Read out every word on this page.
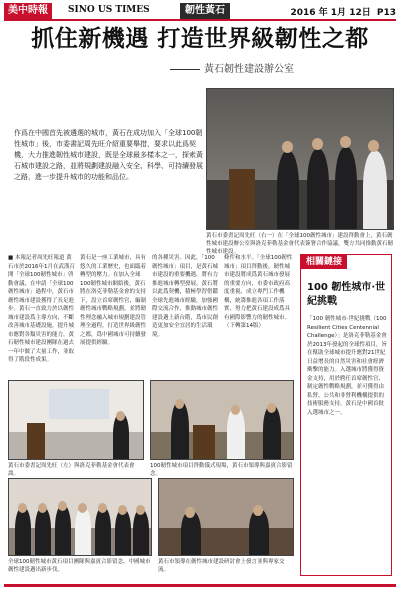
美中時報	SINO US TIMES	韌性黃石	2016 年 1月 12日 P13
抓住新機遇 打造世界級韌性之都
黃石韌性建設辦公室

作爲在中國首先被遴選的城市，黃石在成功加入「全球100韌性城市」後，市委書記周先旺介紹重要舉措，要求以此爲契機，大力推進韌性城市建設，既是全球最多樣本之一，探索黃石城市建設之路，並將規劃建設融入安全、科學、可持續發展之路，進一步提升城市的功能和品位。

黃石市委書記周先旺（右一）在「全球100韌性城市」建設啓動會上，黃石韌性城市建設辦公室與洛克菲勒基金會代表簽署合作協議，雙方共同推動黃石韌性城市建設。

■ 本報記者周先旺報道 黃石市於2016年1月在武漢召開「全球100韌性城市」啓動會議，在申請「全球100韌性城市」過程中，黃石市韌性城市建設獲得了長足進步。黃石一直致力於以韌性城市建設爲主導方向，不斷改善城市基礎設施，提升城市應對各類災害的能力。黃石韌性城市建設團隊在過去一年中做了大量工作，並取得了階段性成果。

黃石是一座工業城市，具有悠久的工業歷史，也面臨着轉型的壓力。在加入全球100韌性城市網絡後，黃石將在洛克菲勒基金會的支持下，設立首席韌性官，編制韌性城市戰略規劃，並將韌性理念融入城市規劃建設管理全過程，打造世界級韌性之都，爲中國城市可持續發展提供經驗。

的各種災害。因此，「100 韌性城市」項目，是黃石城市建設的重要機遇，將有力推進城市轉型發展。黃石將以此爲契機，積極學習借鑑全球先進城市經驗，加強國際交流合作，推動城市韌性建設邁上新台階，爲市民創造更加安全宜居的生活環境。

條件和水平。「全球100韌性城市」項目啓動後，韌性城市建設將成爲黃石城市發展的重要方向，市委市政府高度重視，成立專門工作機構，統籌推進各項工作落實，努力把黃石建設成爲具有國際影響力的韌性城市。（下轉第14版）

黃石市委書記周先旺（左）與洛克菲勒基金會代表會談。

100韌性城市項目啓動儀式現場，黃石市領導與嘉賓合影留念。

全球100韌性城市黃石項目團隊與嘉賓合影留念，中國城市韌性建設邁出新步伐。

黃石市領導在韌性城市建設研討會上發言並與專家交流。

相關鏈接
100 韌性城市·世紀挑戰

「100 韌性城市·世紀挑戰（100 Resilient Cities Centennial Challenge）」是洛克菲勒基金會於2013年發起的全球性項目，旨在幫助全球城市提升應對21世紀日益增長的自然災害和社會經濟衝擊的能力。入選城市將獲得資金支持，用於聘任首席韌性官、制定韌性戰略規劃，並可獲得由私營、公共和非營利機構提供的技術服務支持。黃石是中國首批入選城市之一。
